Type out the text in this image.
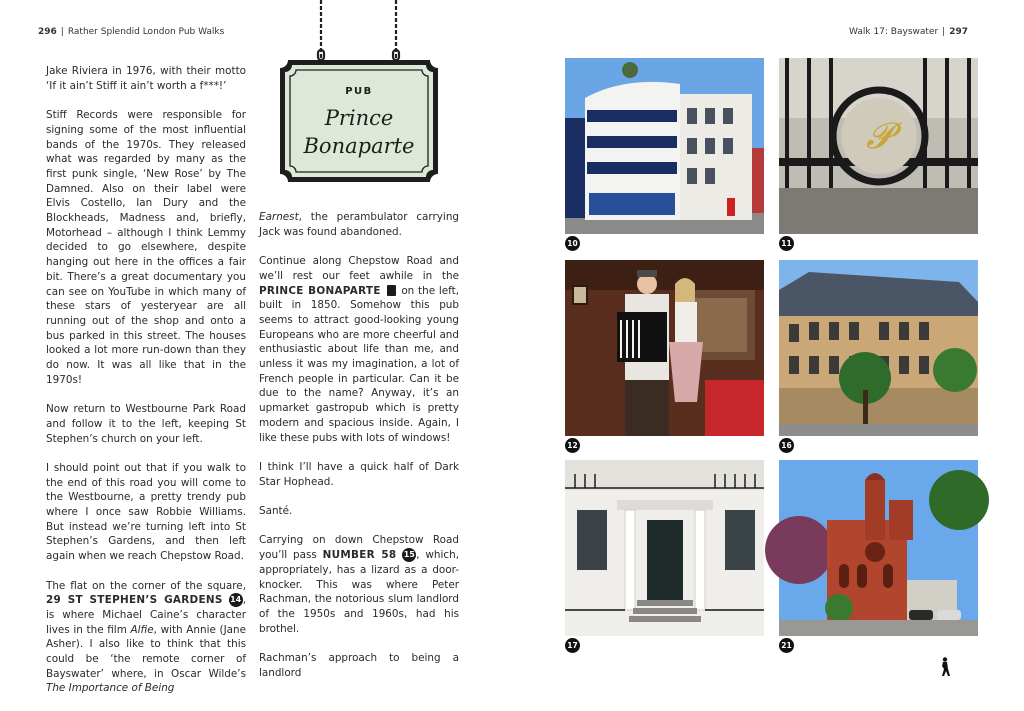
296 | Rather Splendid London Pub Walks	Walk 17: Bayswater | 297

Jake Riviera in 1976, with their motto ‘If it ain’t Stiff it ain’t worth a f***!’

Stiff Records were responsible for signing some of the most influential bands of the 1970s. They released what was regarded by many as the first punk single, ‘New Rose’ by The Damned. Also on their label were Elvis Costello, Ian Dury and the Blockheads, Madness and, briefly, Motorhead – although I think Lemmy decided to go elsewhere, despite hanging out here in the offices a fair bit. There’s a great documentary you can see on YouTube in which many of these stars of yesteryear are all running out of the shop and onto a bus parked in this street. The houses looked a lot more run-down than they do now. It was all like that in the 1970s!

Now return to Westbourne Park Road and follow it to the left, keeping St Stephen’s church on your left.

I should point out that if you walk to the end of this road you will come to the Westbourne, a pretty trendy pub where I once saw Robbie Williams. But instead we’re turning left into St Stephen’s Gardens, and then left again when we reach Chepstow Road.

The flat on the corner of the square, 29 ST STEPHEN’S GARDENS 14, is where Michael Caine’s character lives in the film Alfie, with Annie (Jane Asher). I also like to think that this could be ‘the remote corner of Bayswater’ where, in Oscar Wilde’s The Importance of Being

PUB
Prince
Bonaparte

Earnest, the perambulator carrying Jack was found abandoned.

Continue along Chepstow Road and we’ll rest our feet awhile in the PRINCE BONAPARTE on the left, built in 1850. Somehow this pub seems to attract good-looking young Europeans who are more cheerful and enthusiastic about life than me, and unless it was my imagination, a lot of French people in particular. Can it be due to the name? Anyway, it’s an upmarket gastropub which is pretty modern and spacious inside. Again, I like these pubs with lots of windows!

I think I’ll have a quick half of Dark Star Hophead.

Santé.

Carrying on down Chepstow Road you’ll pass NUMBER 58 15, which, appropriately, has a lizard as a door-knocker. This was where Peter Rachman, the notorious slum landlord of the 1950s and 1960s, had his brothel.

Rachman’s approach to being a landlord

10
𝓟
11
12	16
17	21
